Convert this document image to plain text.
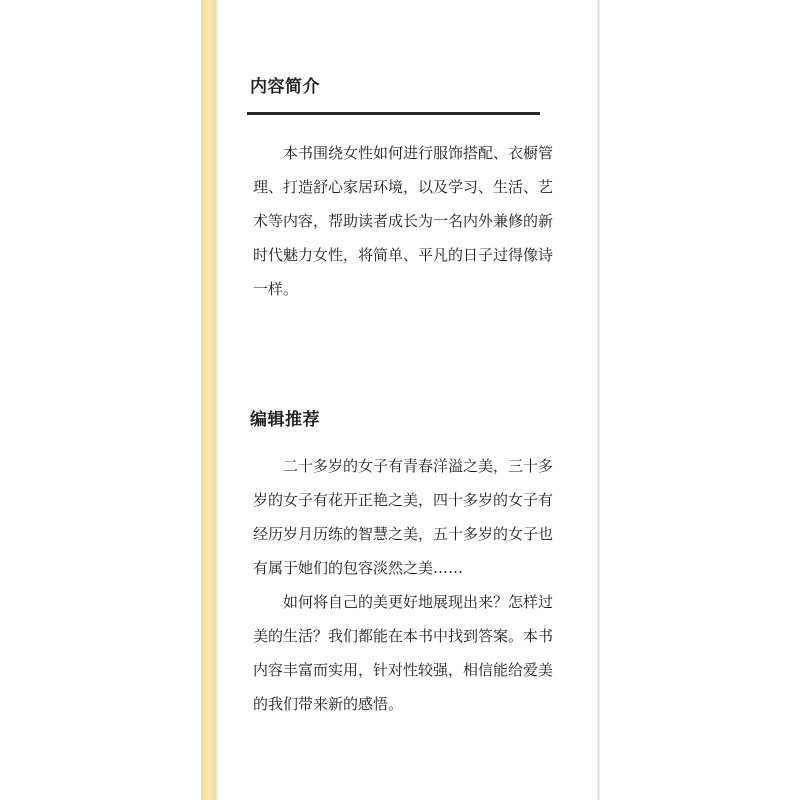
内容简介

本书围绕女性如何进行服饰搭配、衣橱管理、打造舒心家居环境，以及学习、生活、艺术等内容，帮助读者成长为一名内外兼修的新时代魅力女性，将简单、平凡的日子过得像诗一样。

编辑推荐

二十多岁的女子有青春洋溢之美，三十多岁的女子有花开正艳之美，四十多岁的女子有经历岁月历练的智慧之美，五十多岁的女子也有属于她们的包容淡然之美……

如何将自己的美更好地展现出来？怎样过美的生活？我们都能在本书中找到答案。本书内容丰富而实用，针对性较强，相信能给爱美的我们带来新的感悟。
